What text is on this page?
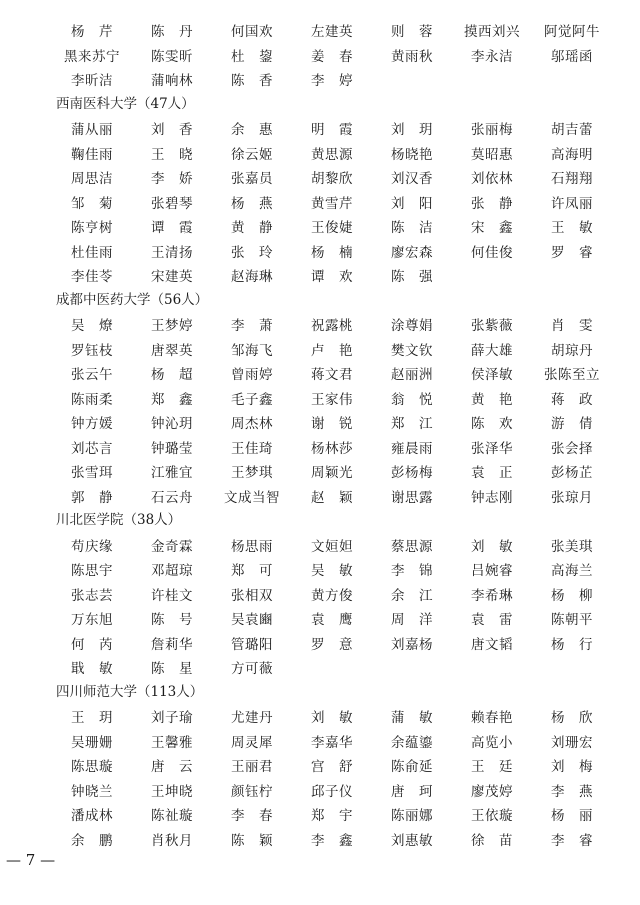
杨　芹	陈　丹	何国欢	左建英	则　蓉	摸西刘兴	阿觉阿牛
黑来苏宁	陈雯昕	杜　鋆	姜　春	黄雨秋	李永洁	邬瑶函
李昕洁	蒲响林	陈　香	李　婷
西南医科大学（47人）
蒲从丽	刘　香	余　惠	明　霞	刘　玥	张丽梅	胡吉蕾
鞠佳雨	王　晓	徐云姬	黄思源	杨晓艳	莫昭惠	高海明
周思洁	李　娇	张嘉员	胡黎欣	刘汉香	刘依林	石翔翔
邹　菊	张碧琴	杨　燕	黄雪芹	刘　阳	张　静	许凤丽
陈亨树	谭　霞	黄　静	王俊婕	陈　洁	宋　鑫	王　敏
杜佳雨	王清扬	张　玲	杨　楠	廖宏森	何佳俊	罗　睿
李佳苓	宋建英	赵海琳	谭　欢	陈　强
成都中医药大学（56人）
吴　燎	王梦婷	李　萧	祝露桃	涂尊娟	张紫薇	肖　雯
罗钰枝	唐翠英	邹海飞	卢　艳	樊文钦	薛大雄	胡琼丹
张云午	杨　超	曾雨婷	蒋文君	赵丽洲	侯泽敏	张陈至立
陈雨柔	郑　鑫	毛子鑫	王家伟	翁　悦	黄　艳	蒋　政
钟方媛	钟沁玥	周杰林	谢　锐	郑　江	陈　欢	游　倩
刘芯言	钟璐莹	王佳琦	杨林莎	雍晨雨	张泽华	张会择
张雪珥	江雅宜	王梦琪	周颖光	彭杨梅	袁　正	彭杨芷
郭　静	石云舟	文成当智	赵　颖	谢思露	钟志刚	张琼月
川北医学院（38人）
苟庆缘	金奇霖	杨思雨	文姮妲	蔡思源	刘　敏	张美琪
陈思宇	邓超琼	郑　可	吴　敏	李　锦	吕婉睿	高海兰
张志芸	许桂文	张相双	黄方俊	余　江	李希琳	杨　柳
万东旭	陈　号	吴袁豳	袁　鹰	周　洋	袁　雷	陈朝平
何　芮	詹莉华	管璐阳	罗　意	刘嘉杨	唐文韬	杨　行
戢　敏	陈　星	方可薇
四川师范大学（113人）
王　玥	刘子瑜	尤建丹	刘　敏	蒲　敏	赖春艳	杨　欣
吴珊姗	王馨雅	周灵犀	李嘉华	余蕴鎏	高览小	刘珊宏
陈思璇	唐　云	王丽君	宫　舒	陈俞延	王　廷	刘　梅
钟晓兰	王坤晓	颜钰柠	邱子仪	唐　珂	廖茂婷	李　燕
潘成林	陈祉璇	李　春	郑　宇	陈丽娜	王依璇	杨　丽
余　鹏	肖秋月	陈　颖	李　鑫	刘惠敏	徐　苗	李　睿
— 7 —
